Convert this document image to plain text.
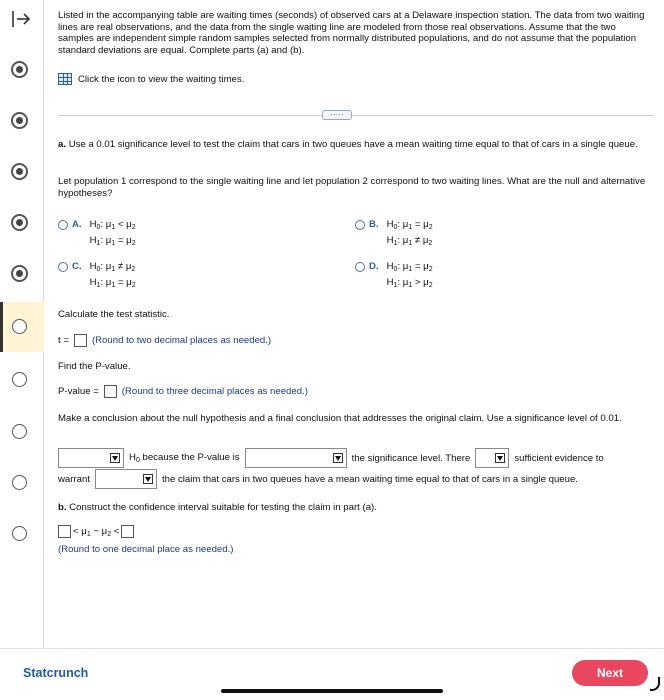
Listed in the accompanying table are waiting times (seconds) of observed cars at a Delaware inspection station. The data from two waiting lines are real observations, and the data from the single waiting line are modeled from those real observations. Assume that the two samples are independent simple random samples selected from normally distributed populations, and do not assume that the population standard deviations are equal. Complete parts (a) and (b).
Click the icon to view the waiting times.
·····
a. Use a 0.01 significance level to test the claim that cars in two queues have a mean waiting time equal to that of cars in a single queue.
Let population 1 correspond to the single waiting line and let population 2 correspond to two waiting lines. What are the null and alternative hypotheses?
A. $H_0$: $\mu_1 < \mu_2$
$H_1$: $\mu_1 = \mu_2$
B. $H_0$: $\mu_1 = \mu_2$
$H_1$: $\mu_1 \ne \mu_2$
C. $H_0$: $\mu_1 \ne \mu_2$
$H_1$: $\mu_1 = \mu_2$
D. $H_0$: $\mu_1 = \mu_2$
$H_1$: $\mu_1 > \mu_2$
Calculate the test statistic.
t = (Round to two decimal places as needed.)
Find the P-value.
P-value = (Round to three decimal places as needed.)
Make a conclusion about the null hypothesis and a final conclusion that addresses the original claim. Use a significance level of 0.01.
$H_0$ because the P-value is	the significance level. There	sufficient evidence to
warrant	the claim that cars in two queues have a mean waiting time equal to that of cars in a single queue.
b. Construct the confidence interval suitable for testing the claim in part (a).
< $\mu_1 - \mu_2$ <
(Round to one decimal place as needed.)
Statcrunch	Next
